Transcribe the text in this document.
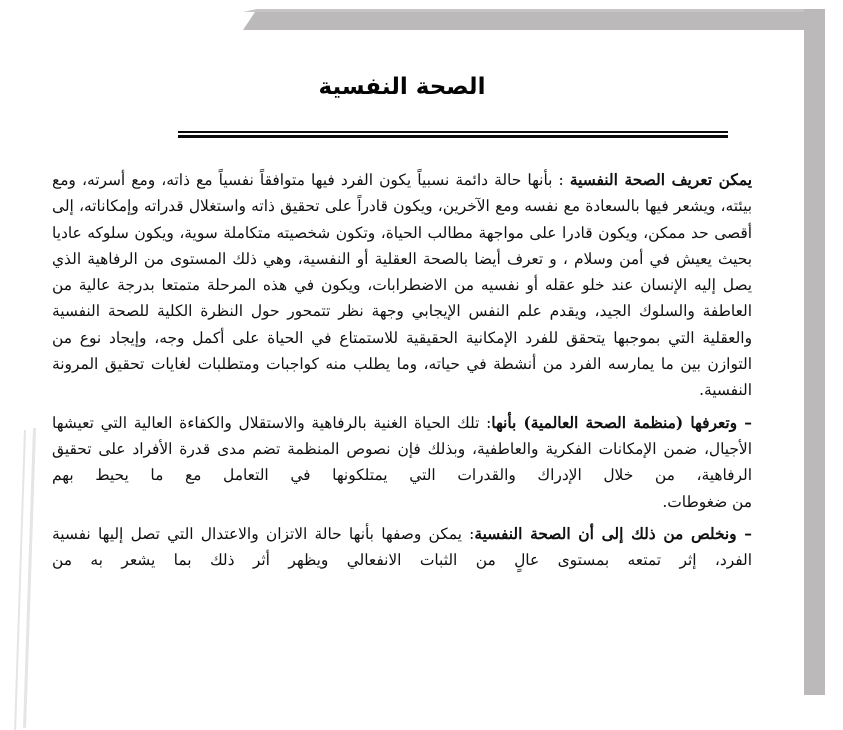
الصحة النفسية

يمكن تعريف الصحة النفسية : بأنها حالة دائمة نسبياً يكون الفرد فيها متوافقاً نفسياً مع ذاته، ومع أسرته، ومع بيئته، ويشعر فيها بالسعادة مع نفسه ومع الآخرين، ويكون قادراً على تحقيق ذاته واستغلال قدراته وإمكاناته، إلى أقصى حد ممكن، ويكون قادرا على مواجهة مطالب الحياة، وتكون شخصيته متكاملة سوية، ويكون سلوكه عاديا بحيث يعيش في أمن وسلام ، و تعرف أيضا بالصحة العقلية أو النفسية، وهي ذلك المستوى من الرفاهية الذي يصل إليه الإنسان عند خلو عقله أو نفسيه من الاضطرابات، ويكون في هذه المرحلة متمتعا بدرجة عالية من العاطفة والسلوك الجيد، ويقدم علم النفس الإيجابي وجهة نظر تتمحور حول النظرة الكلية للصحة النفسية والعقلية التي بموجبها يتحقق للفرد الإمكانية الحقيقية للاستمتاع في الحياة على أكمل وجه، وإيجاد نوع من التوازن بين ما يمارسه الفرد من أنشطة في حياته، وما يطلب منه كواجبات ومتطلبات لغايات تحقيق المرونة النفسية.

– وتعرفها (منظمة الصحة العالمية) بأنها: تلك الحياة الغنية بالرفاهية والاستقلال والكفاءة العالية التي تعيشها الأجيال، ضمن الإمكانات الفكرية والعاطفية، وبذلك فإن نصوص المنظمة تضم مدى قدرة الأفراد على تحقيق الرفاهية، من خلال الإدراك والقدرات التي يمتلكونها في التعامل مع ما يحيط بهم

من ضغوطات.

– ونخلص من ذلك إلى أن الصحة النفسية: يمكن وصفها بأنها حالة الاتزان والاعتدال التي تصل إليها نفسية الفرد، إثر تمتعه بمستوى عالٍ من الثبات الانفعالي ويظهر أثر ذلك بما يشعر به من
